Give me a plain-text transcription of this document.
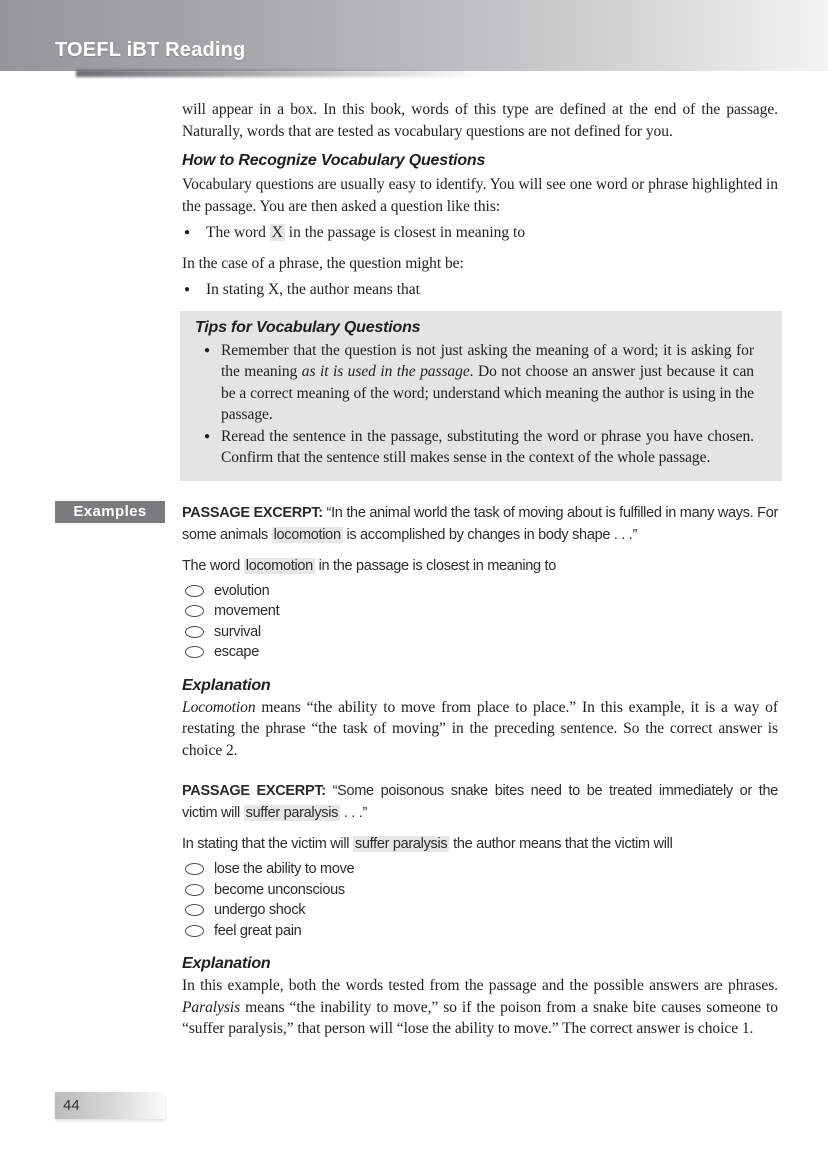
TOEFL iBT Reading

will appear in a box. In this book, words of this type are defined at the end of the passage. Naturally, words that are tested as vocabulary questions are not defined for you.

How to Recognize Vocabulary Questions

Vocabulary questions are usually easy to identify. You will see one word or phrase highlighted in the passage. You are then asked a question like this:

●	The word X in the passage is closest in meaning to

In the case of a phrase, the question might be:

●	In stating X, the author means that
Tips for Vocabulary Questions
● Remember that the question is not just asking the meaning of a word; it is asking for the meaning as it is used in the passage. Do not choose an answer just because it can be a correct meaning of the word; understand which meaning the author is using in the passage.
● Reread the sentence in the passage, substituting the word or phrase you have chosen. Confirm that the sentence still makes sense in the context of the whole passage.
Examples	PASSAGE EXCERPT: “In the animal world the task of moving about is fulfilled in many ways. For some animals locomotion is accomplished by changes in body shape . . .”

The word locomotion in the passage is closest in meaning to

evolution
movement
survival
escape
Explanation

Locomotion means “the ability to move from place to place.” In this example, it is a way of restating the phrase “the task of moving” in the preceding sentence. So the correct answer is choice 2.

PASSAGE EXCERPT: “Some poisonous snake bites need to be treated immediately or the victim will suffer paralysis . . .”

In stating that the victim will suffer paralysis the author means that the victim will

lose the ability to move
become unconscious
undergo shock
feel great pain
Explanation

In this example, both the words tested from the passage and the possible answers are phrases. Paralysis means “the inability to move,” so if the poison from a snake bite causes someone to “suffer paralysis,” that person will “lose the ability to move.” The correct answer is choice 1.

44
